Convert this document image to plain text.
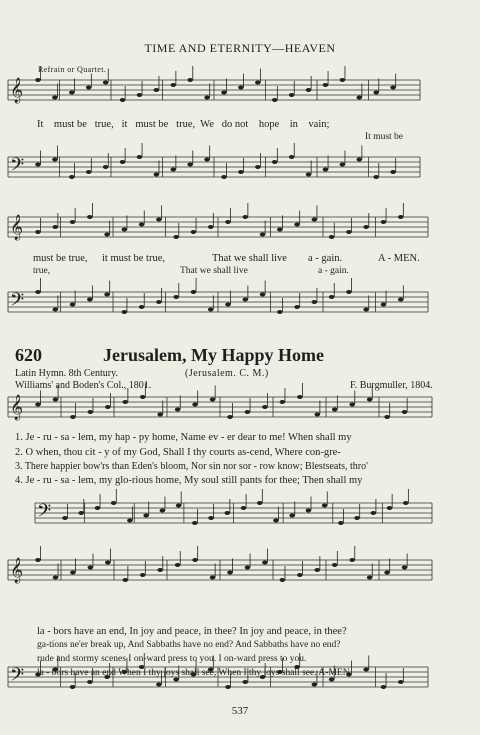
TIME AND ETERNITY—HEAVEN
Refrain or Quartet.
𝄞
𝄢
𝄞
𝄢
𝄞
𝄢
𝄞
𝄢
It must be true, it must be true, We do not hope in vain;
It must be
must be true, it must be true,	That we shall live a - gain.	A - MEN.
true,	That we shall live	a - gain.
620	Jerusalem, My Happy Home
Latin Hymn. 8th Century.	(Jerusalem. C. M.)
Williams' and Boden's Col., 1801.	F. Burgmuller, 1804.
1. Je - ru - sa - lem, my hap - py home, Name ev - er dear to me! When shall my
2. O when, thou cit - y of my God, Shall I thy courts as-cend, Where con-gre-
3. There happier bow'rs than Eden's bloom, Nor sin nor sor - row know; Blestseats, thro'
4. Je - ru - sa - lem, my glo-rious home, My soul still pants for thee; Then shall my
la - bors have an end, In joy and peace, in thee? In joy and peace, in thee?
ga-tions ne'er break up, And Sabbaths have no end? And Sabbaths have no end?
rude and stormy scenes I on-ward press to you. I on-ward press to you.
la - bors have an end When I thy joys shall see, When I thy joys shall see. A-MEN.
537
